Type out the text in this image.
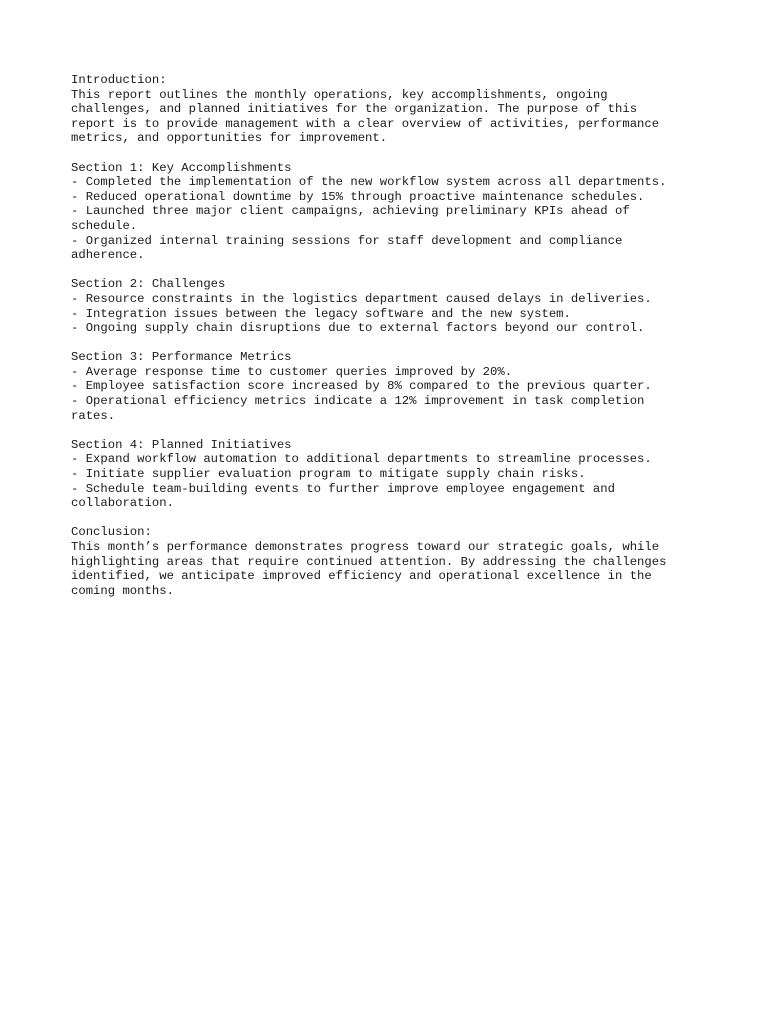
Introduction:
This report outlines the monthly operations, key accomplishments, ongoing
challenges, and planned initiatives for the organization. The purpose of this
report is to provide management with a clear overview of activities, performance
metrics, and opportunities for improvement.
Section 1: Key Accomplishments
- Completed the implementation of the new workflow system across all departments.
- Reduced operational downtime by 15% through proactive maintenance schedules.
- Launched three major client campaigns, achieving preliminary KPIs ahead of
schedule.
- Organized internal training sessions for staff development and compliance
adherence.
Section 2: Challenges
- Resource constraints in the logistics department caused delays in deliveries.
- Integration issues between the legacy software and the new system.
- Ongoing supply chain disruptions due to external factors beyond our control.
Section 3: Performance Metrics
- Average response time to customer queries improved by 20%.
- Employee satisfaction score increased by 8% compared to the previous quarter.
- Operational efficiency metrics indicate a 12% improvement in task completion
rates.
Section 4: Planned Initiatives
- Expand workflow automation to additional departments to streamline processes.
- Initiate supplier evaluation program to mitigate supply chain risks.
- Schedule team-building events to further improve employee engagement and
collaboration.
Conclusion:
This month’s performance demonstrates progress toward our strategic goals, while
highlighting areas that require continued attention. By addressing the challenges
identified, we anticipate improved efficiency and operational excellence in the
coming months.
